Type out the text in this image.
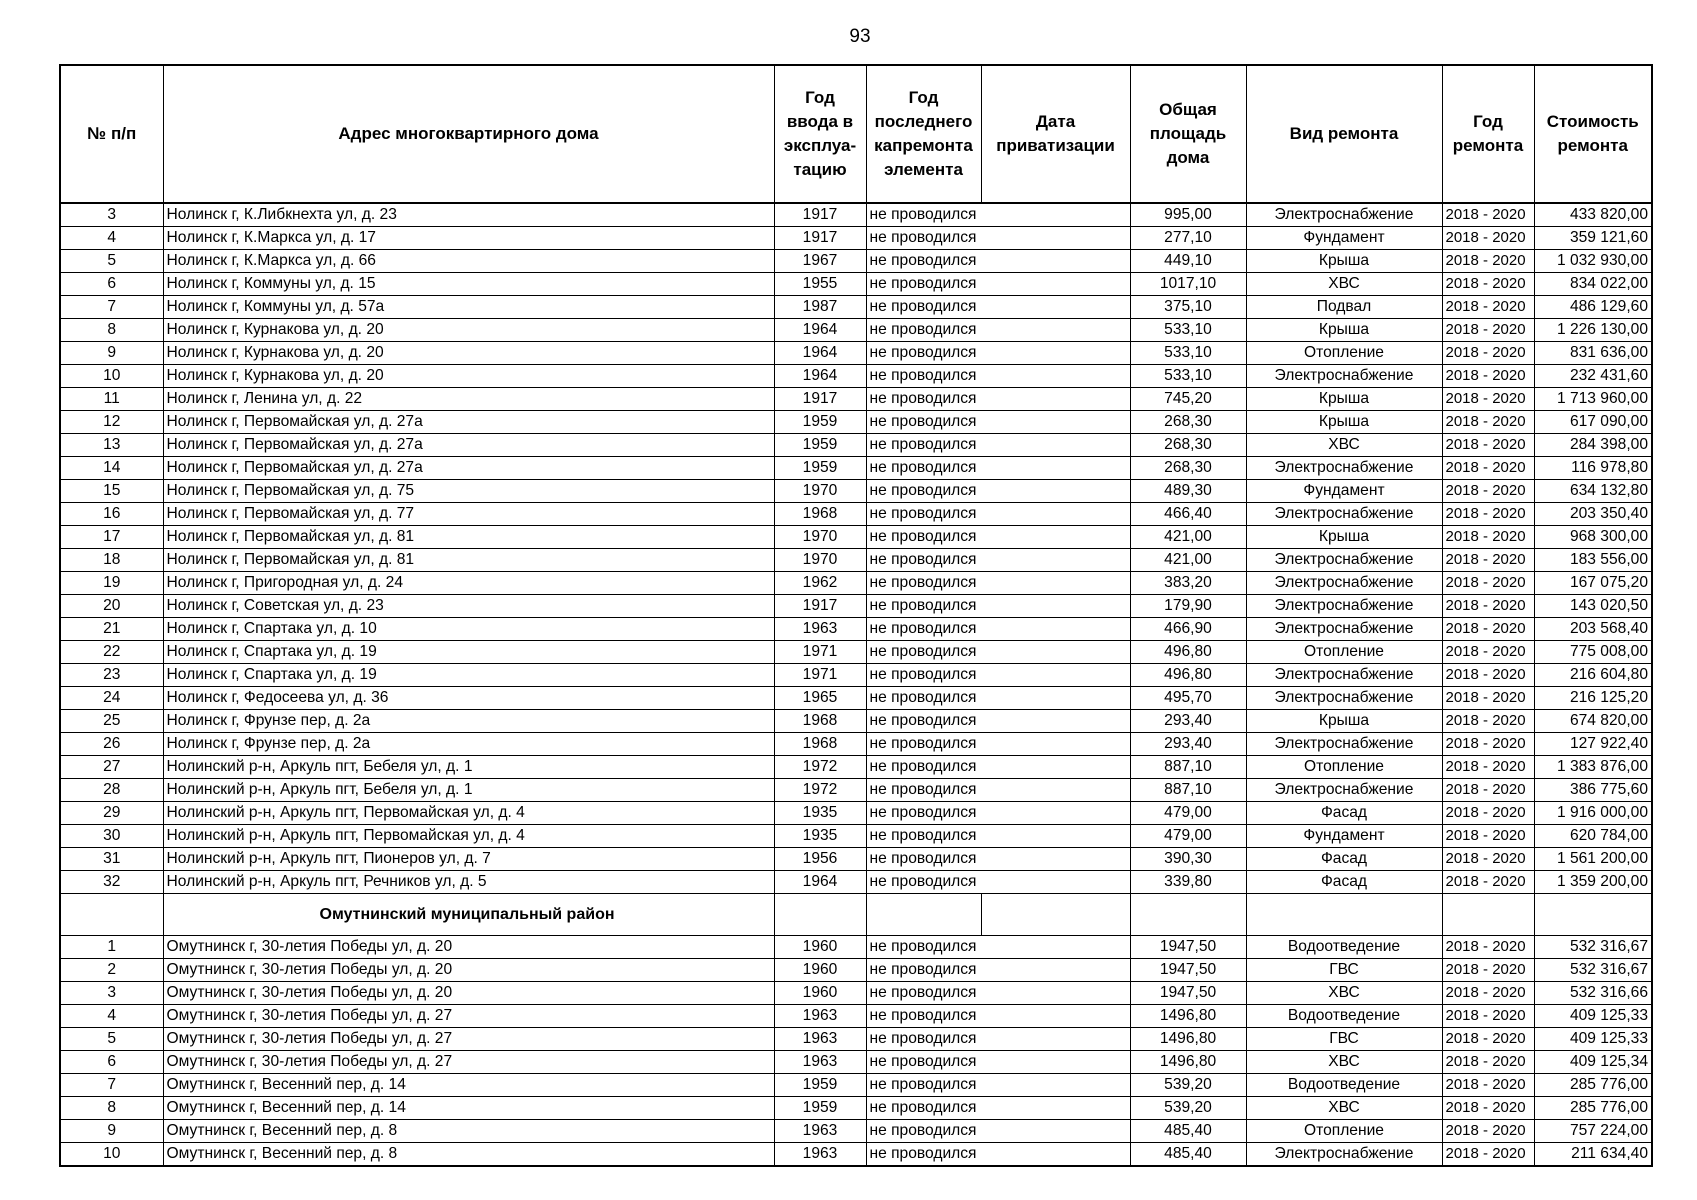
93
№ п/п	Адрес многоквартирного дома	Год ввода в эксплуа-тацию	Год последнего капремонта элемента	Дата приватизации	Общая площадь дома	Вид ремонта	Год ремонта	Стоимость ремонта
3	Нолинск г, К.Либкнехта ул, д. 23	1917	не проводился		995,00	Электроснабжение	2018 - 2020	433 820,00
4	Нолинск г, К.Маркса ул, д. 17	1917	не проводился		277,10	Фундамент	2018 - 2020	359 121,60
5	Нолинск г, К.Маркса ул, д. 66	1967	не проводился		449,10	Крыша	2018 - 2020	1 032 930,00
6	Нолинск г, Коммуны ул, д. 15	1955	не проводился		1017,10	ХВС	2018 - 2020	834 022,00
7	Нолинск г, Коммуны ул, д. 57а	1987	не проводился		375,10	Подвал	2018 - 2020	486 129,60
8	Нолинск г, Курнакова ул, д. 20	1964	не проводился		533,10	Крыша	2018 - 2020	1 226 130,00
9	Нолинск г, Курнакова ул, д. 20	1964	не проводился		533,10	Отопление	2018 - 2020	831 636,00
10	Нолинск г, Курнакова ул, д. 20	1964	не проводился		533,10	Электроснабжение	2018 - 2020	232 431,60
11	Нолинск г, Ленина ул, д. 22	1917	не проводился		745,20	Крыша	2018 - 2020	1 713 960,00
12	Нолинск г, Первомайская ул, д. 27а	1959	не проводился		268,30	Крыша	2018 - 2020	617 090,00
13	Нолинск г, Первомайская ул, д. 27а	1959	не проводился		268,30	ХВС	2018 - 2020	284 398,00
14	Нолинск г, Первомайская ул, д. 27а	1959	не проводился		268,30	Электроснабжение	2018 - 2020	116 978,80
15	Нолинск г, Первомайская ул, д. 75	1970	не проводился		489,30	Фундамент	2018 - 2020	634 132,80
16	Нолинск г, Первомайская ул, д. 77	1968	не проводился		466,40	Электроснабжение	2018 - 2020	203 350,40
17	Нолинск г, Первомайская ул, д. 81	1970	не проводился		421,00	Крыша	2018 - 2020	968 300,00
18	Нолинск г, Первомайская ул, д. 81	1970	не проводился		421,00	Электроснабжение	2018 - 2020	183 556,00
19	Нолинск г, Пригородная ул, д. 24	1962	не проводился		383,20	Электроснабжение	2018 - 2020	167 075,20
20	Нолинск г, Советская ул, д. 23	1917	не проводился		179,90	Электроснабжение	2018 - 2020	143 020,50
21	Нолинск г, Спартака ул, д. 10	1963	не проводился		466,90	Электроснабжение	2018 - 2020	203 568,40
22	Нолинск г, Спартака ул, д. 19	1971	не проводился		496,80	Отопление	2018 - 2020	775 008,00
23	Нолинск г, Спартака ул, д. 19	1971	не проводился		496,80	Электроснабжение	2018 - 2020	216 604,80
24	Нолинск г, Федосеева ул, д. 36	1965	не проводился		495,70	Электроснабжение	2018 - 2020	216 125,20
25	Нолинск г, Фрунзе пер, д. 2а	1968	не проводился		293,40	Крыша	2018 - 2020	674 820,00
26	Нолинск г, Фрунзе пер, д. 2а	1968	не проводился		293,40	Электроснабжение	2018 - 2020	127 922,40
27	Нолинский р-н, Аркуль пгт, Бебеля ул, д. 1	1972	не проводился		887,10	Отопление	2018 - 2020	1 383 876,00
28	Нолинский р-н, Аркуль пгт, Бебеля ул, д. 1	1972	не проводился		887,10	Электроснабжение	2018 - 2020	386 775,60
29	Нолинский р-н, Аркуль пгт, Первомайская ул, д. 4	1935	не проводился		479,00	Фасад	2018 - 2020	1 916 000,00
30	Нолинский р-н, Аркуль пгт, Первомайская ул, д. 4	1935	не проводился		479,00	Фундамент	2018 - 2020	620 784,00
31	Нолинский р-н, Аркуль пгт, Пионеров ул, д. 7	1956	не проводился		390,30	Фасад	2018 - 2020	1 561 200,00
32	Нолинский р-н, Аркуль пгт, Речников ул, д. 5	1964	не проводился		339,80	Фасад	2018 - 2020	1 359 200,00
	Омутнинский муниципальный район							
1	Омутнинск г, 30-летия Победы ул, д. 20	1960	не проводился		1947,50	Водоотведение	2018 - 2020	532 316,67
2	Омутнинск г, 30-летия Победы ул, д. 20	1960	не проводился		1947,50	ГВС	2018 - 2020	532 316,67
3	Омутнинск г, 30-летия Победы ул, д. 20	1960	не проводился		1947,50	ХВС	2018 - 2020	532 316,66
4	Омутнинск г, 30-летия Победы ул, д. 27	1963	не проводился		1496,80	Водоотведение	2018 - 2020	409 125,33
5	Омутнинск г, 30-летия Победы ул, д. 27	1963	не проводился		1496,80	ГВС	2018 - 2020	409 125,33
6	Омутнинск г, 30-летия Победы ул, д. 27	1963	не проводился		1496,80	ХВС	2018 - 2020	409 125,34
7	Омутнинск г, Весенний пер, д. 14	1959	не проводился		539,20	Водоотведение	2018 - 2020	285 776,00
8	Омутнинск г, Весенний пер, д. 14	1959	не проводился		539,20	ХВС	2018 - 2020	285 776,00
9	Омутнинск г, Весенний пер, д. 8	1963	не проводился		485,40	Отопление	2018 - 2020	757 224,00
10	Омутнинск г, Весенний пер, д. 8	1963	не проводился		485,40	Электроснабжение	2018 - 2020	211 634,40
